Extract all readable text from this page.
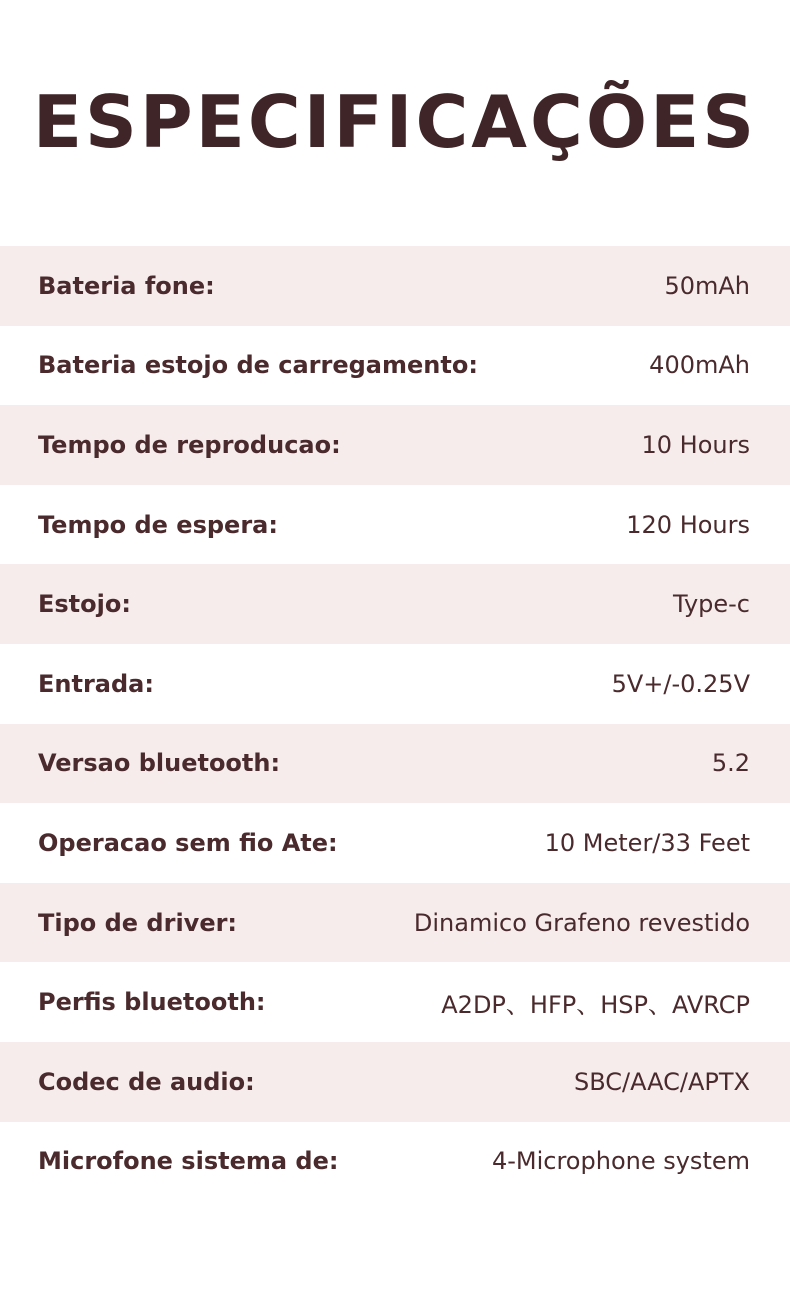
ESPECIFICAÇÕES
Bateria fone:	50mAh
Bateria estojo de carregamento:	400mAh
Tempo de reproducao:	10 Hours
Tempo de espera:	120 Hours
Estojo:	Type-c
Entrada:	5V+/-0.25V
Versao bluetooth:	5.2
Operacao sem fio Ate:	10 Meter/33 Feet
Tipo de driver:	Dinamico Grafeno revestido
Perfis bluetooth:	A2DP、HFP、HSP、AVRCP
Codec de audio:	SBC/AAC/APTX
Microfone sistema de:	4-Microphone system
